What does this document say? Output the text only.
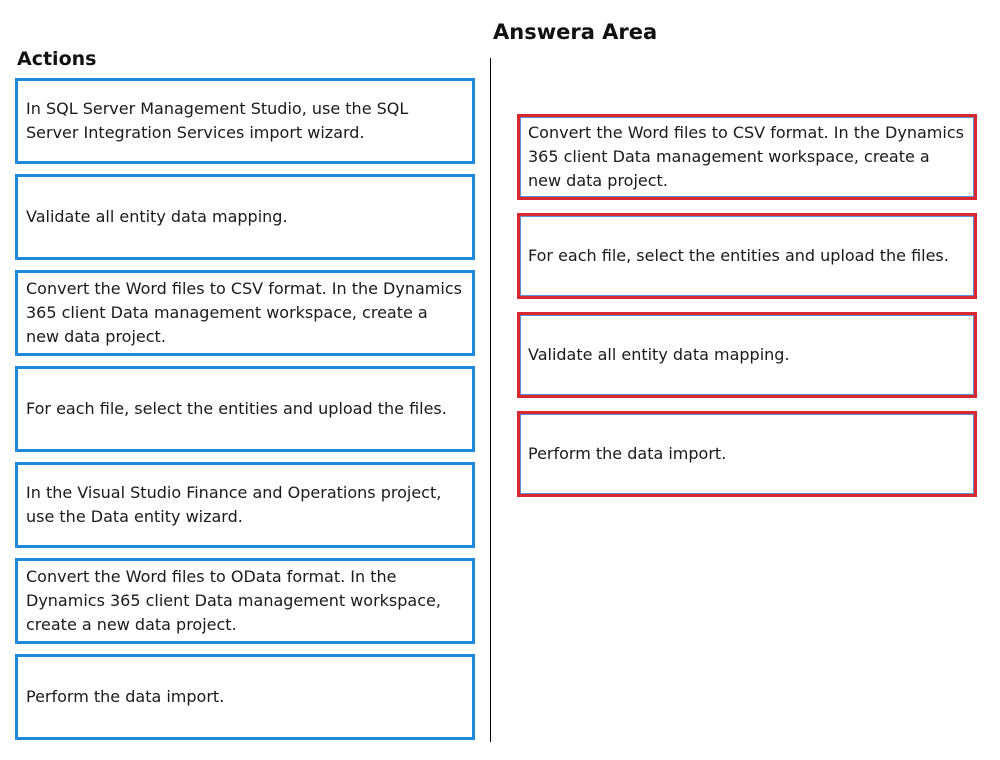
Actions
Answera Area
In SQL Server Management Studio, use the SQL Server Integration Services import wizard.
Validate all entity data mapping.
Convert the Word files to CSV format. In the Dynamics 365 client Data management workspace, create a new data project.
For each file, select the entities and upload the files.
In the Visual Studio Finance and Operations project, use the Data entity wizard.
Convert the Word files to OData format. In the Dynamics 365 client Data management workspace, create a new data project.
Perform the data import.
Convert the Word files to CSV format. In the Dynamics 365 client Data management workspace, create a new data project.
For each file, select the entities and upload the files.
Validate all entity data mapping.
Perform the data import.
